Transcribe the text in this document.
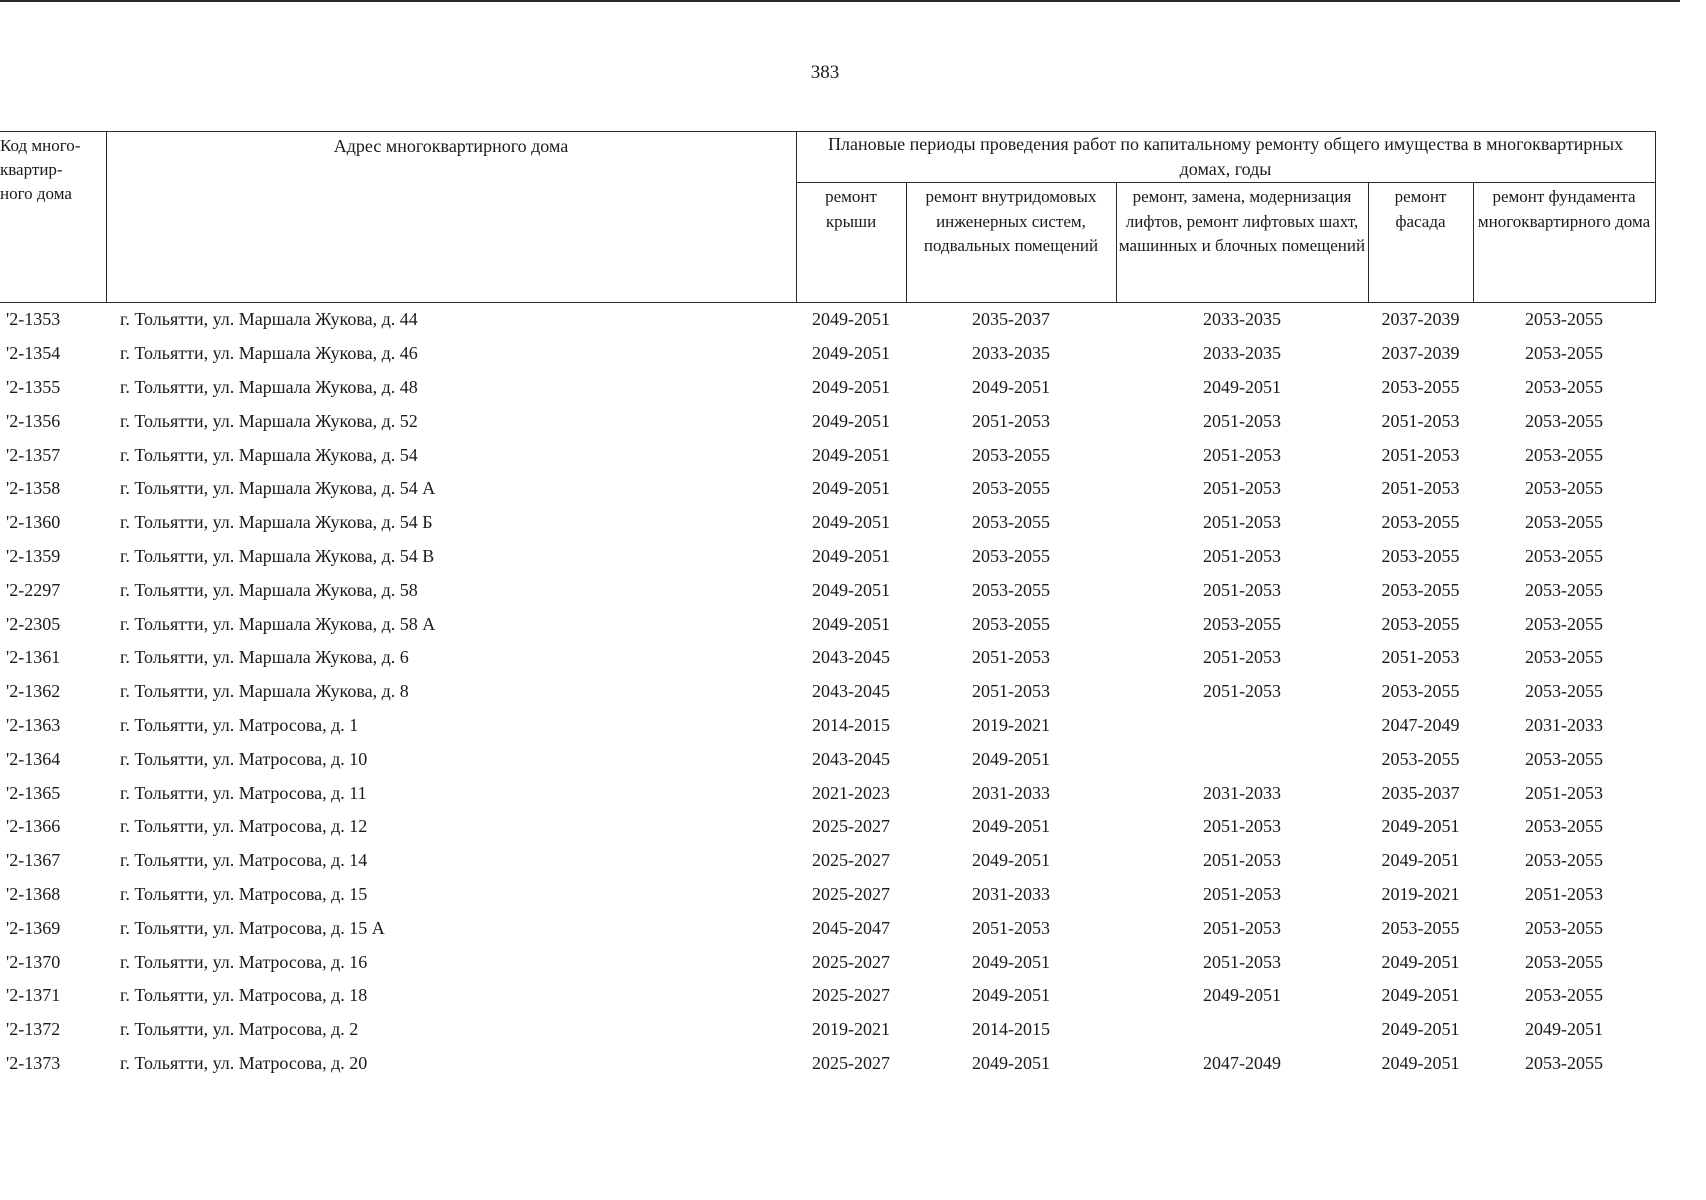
383
Код много-
квартир-
ного дома	Адрес многоквартирного дома	Плановые периоды проведения работ по капитальному ремонту общего имущества в многоквартирных домах, годы				
		ремонт крыши	ремонт внутридомовых инженерных систем, подвальных помещений	ремонт, замена, модернизация лифтов, ремонт лифтовых шахт, машинных и блочных помещений	ремонт фасада	ремонт фундамента многоквартирного дома
'2-1353	г. Тольятти, ул. Маршала Жукова, д. 44	2049-2051	2035-2037	2033-2035	2037-2039	2053-2055
'2-1354	г. Тольятти, ул. Маршала Жукова, д. 46	2049-2051	2033-2035	2033-2035	2037-2039	2053-2055
'2-1355	г. Тольятти, ул. Маршала Жукова, д. 48	2049-2051	2049-2051	2049-2051	2053-2055	2053-2055
'2-1356	г. Тольятти, ул. Маршала Жукова, д. 52	2049-2051	2051-2053	2051-2053	2051-2053	2053-2055
'2-1357	г. Тольятти, ул. Маршала Жукова, д. 54	2049-2051	2053-2055	2051-2053	2051-2053	2053-2055
'2-1358	г. Тольятти, ул. Маршала Жукова, д. 54 А	2049-2051	2053-2055	2051-2053	2051-2053	2053-2055
'2-1360	г. Тольятти, ул. Маршала Жукова, д. 54 Б	2049-2051	2053-2055	2051-2053	2053-2055	2053-2055
'2-1359	г. Тольятти, ул. Маршала Жукова, д. 54 В	2049-2051	2053-2055	2051-2053	2053-2055	2053-2055
'2-2297	г. Тольятти, ул. Маршала Жукова, д. 58	2049-2051	2053-2055	2051-2053	2053-2055	2053-2055
'2-2305	г. Тольятти, ул. Маршала Жукова, д. 58 А	2049-2051	2053-2055	2053-2055	2053-2055	2053-2055
'2-1361	г. Тольятти, ул. Маршала Жукова, д. 6	2043-2045	2051-2053	2051-2053	2051-2053	2053-2055
'2-1362	г. Тольятти, ул. Маршала Жукова, д. 8	2043-2045	2051-2053	2051-2053	2053-2055	2053-2055
'2-1363	г. Тольятти, ул. Матросова, д. 1	2014-2015	2019-2021		2047-2049	2031-2033
'2-1364	г. Тольятти, ул. Матросова, д. 10	2043-2045	2049-2051		2053-2055	2053-2055
'2-1365	г. Тольятти, ул. Матросова, д. 11	2021-2023	2031-2033	2031-2033	2035-2037	2051-2053
'2-1366	г. Тольятти, ул. Матросова, д. 12	2025-2027	2049-2051	2051-2053	2049-2051	2053-2055
'2-1367	г. Тольятти, ул. Матросова, д. 14	2025-2027	2049-2051	2051-2053	2049-2051	2053-2055
'2-1368	г. Тольятти, ул. Матросова, д. 15	2025-2027	2031-2033	2051-2053	2019-2021	2051-2053
'2-1369	г. Тольятти, ул. Матросова, д. 15 А	2045-2047	2051-2053	2051-2053	2053-2055	2053-2055
'2-1370	г. Тольятти, ул. Матросова, д. 16	2025-2027	2049-2051	2051-2053	2049-2051	2053-2055
'2-1371	г. Тольятти, ул. Матросова, д. 18	2025-2027	2049-2051	2049-2051	2049-2051	2053-2055
'2-1372	г. Тольятти, ул. Матросова, д. 2	2019-2021	2014-2015		2049-2051	2049-2051
'2-1373	г. Тольятти, ул. Матросова, д. 20	2025-2027	2049-2051	2047-2049	2049-2051	2053-2055
